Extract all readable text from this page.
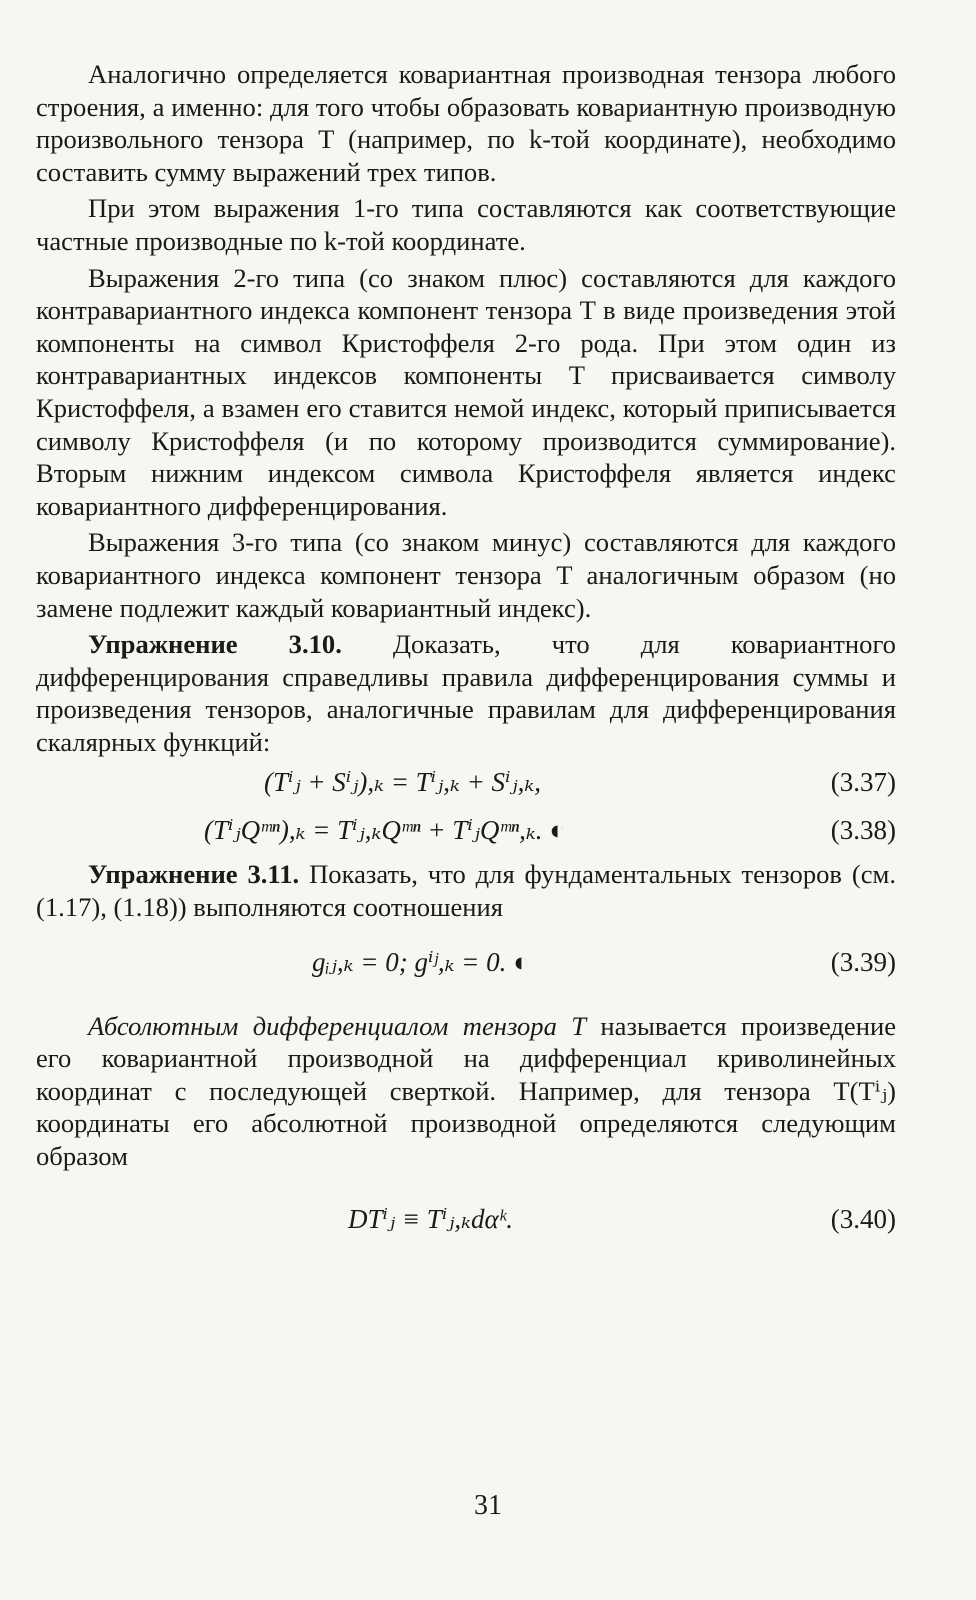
Аналогично определяется ковариантная производная тензора любого строения, а именно: для того чтобы образовать ковариантную производную произвольного тензора T (например, по k-той координате), необходимо составить сумму выражений трех типов.

При этом выражения 1-го типа составляются как соответствующие частные производные по k-той координате.

Выражения 2-го типа (со знаком плюс) составляются для каждого контравариантного индекса компонент тензора T в виде произведения этой компоненты на символ Кристоффеля 2-го рода. При этом один из контравариантных индексов компоненты T присваивается символу Кристоффеля, а взамен его ставится немой индекс, который приписывается символу Кристоффеля (и по которому производится суммирование). Вторым нижним индексом символа Кристоффеля является индекс ковариантного дифференцирования.

Выражения 3-го типа (со знаком минус) составляются для каждого ковариантного индекса компонент тензора T аналогичным образом (но замене подлежит каждый ковариантный индекс).

Упражнение 3.10. Доказать, что для ковариантного дифференцирования справедливы правила дифференцирования суммы и произведения тензоров, аналогичные правилам для дифференцирования скалярных функций:

(Tⁱⱼ + Sⁱⱼ),ₖ = Tⁱⱼ,ₖ + Sⁱⱼ,ₖ,	(3.37)
(TⁱⱼQᵐⁿ),ₖ = Tⁱⱼ,ₖQᵐⁿ + TⁱⱼQᵐⁿ,ₖ. ◐	(3.38)

Упражнение 3.11. Показать, что для фундаментальных тензоров (см. (1.17), (1.18)) выполняются соотношения

gᵢⱼ,ₖ = 0; gⁱʲ,ₖ = 0. ◐	(3.39)

Абсолютным дифференциалом тензора T называется произведение его ковариантной производной на дифференциал криволинейных координат с последующей сверткой. Например, для тензора T(Tⁱⱼ) координаты его абсолютной производной определяются следующим образом

DTⁱⱼ ≡ Tⁱⱼ,ₖdαᵏ.	(3.40)
31
